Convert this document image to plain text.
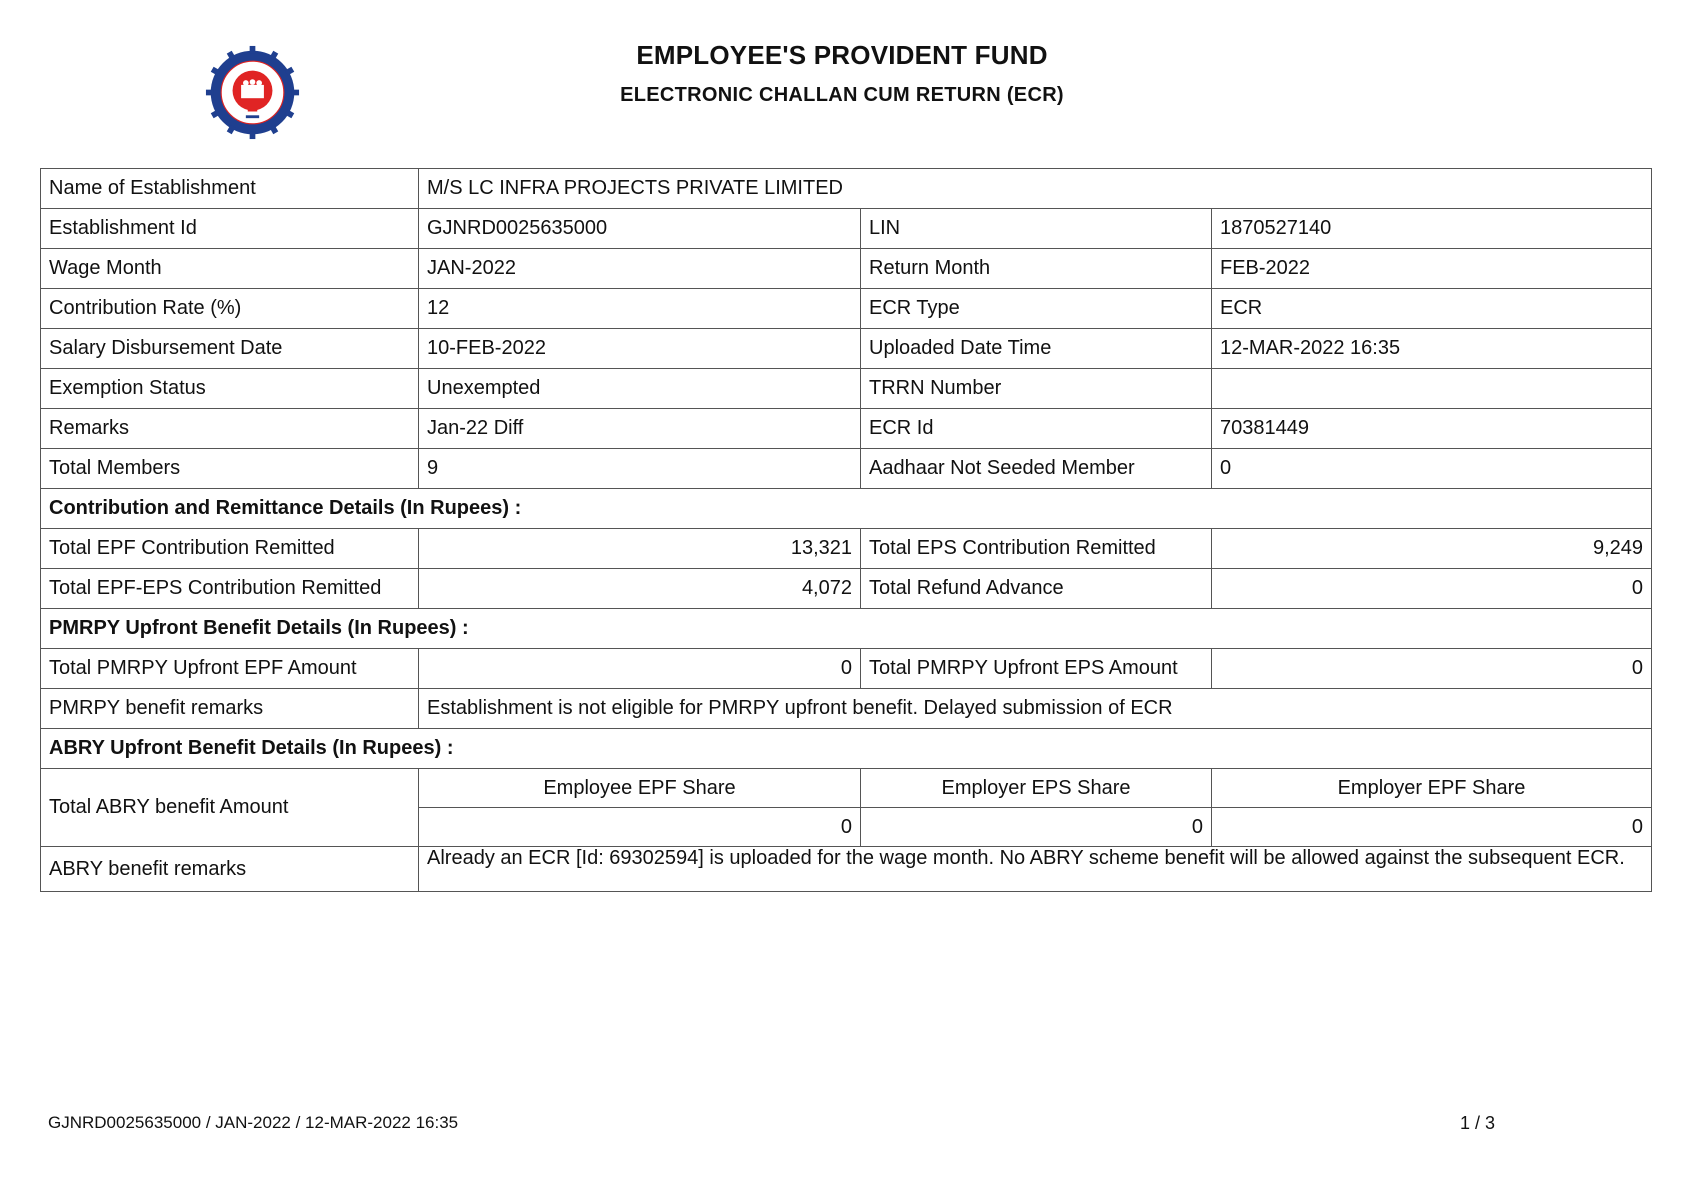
EMPLOYEE'S PROVIDENT FUND
ELECTRONIC CHALLAN CUM RETURN (ECR)
Name of Establishment	M/S LC INFRA PROJECTS PRIVATE LIMITED		
Establishment Id	GJNRD0025635000	LIN	1870527140
Wage Month	JAN-2022	Return Month	FEB-2022
Contribution Rate (%)	12	ECR Type	ECR
Salary Disbursement Date	10-FEB-2022	Uploaded Date Time	12-MAR-2022 16:35
Exemption Status	Unexempted	TRRN Number	
Remarks	Jan-22 Diff	ECR Id	70381449
Total Members	9	Aadhaar Not Seeded Member	0
Contribution and Remittance Details (In Rupees) :			
Total EPF Contribution Remitted	13,321	Total EPS Contribution Remitted	9,249
Total EPF-EPS Contribution Remitted	4,072	Total Refund Advance	0
PMRPY Upfront Benefit Details (In Rupees) :			
Total PMRPY Upfront EPF Amount	0	Total PMRPY Upfront EPS Amount	0
PMRPY benefit remarks	Establishment is not eligible for PMRPY upfront benefit. Delayed submission of ECR		
ABRY Upfront Benefit Details (In Rupees) :			
Total ABRY benefit Amount	Employee EPF Share	Employer EPS Share	Employer EPF Share
	0	0	0
ABRY benefit remarks	Already an ECR [Id: 69302594] is uploaded for the wage month. No ABRY scheme benefit will be allowed against the subsequent ECR.		
GJNRD0025635000 / JAN-2022 / 12-MAR-2022 16:35	1 / 3
